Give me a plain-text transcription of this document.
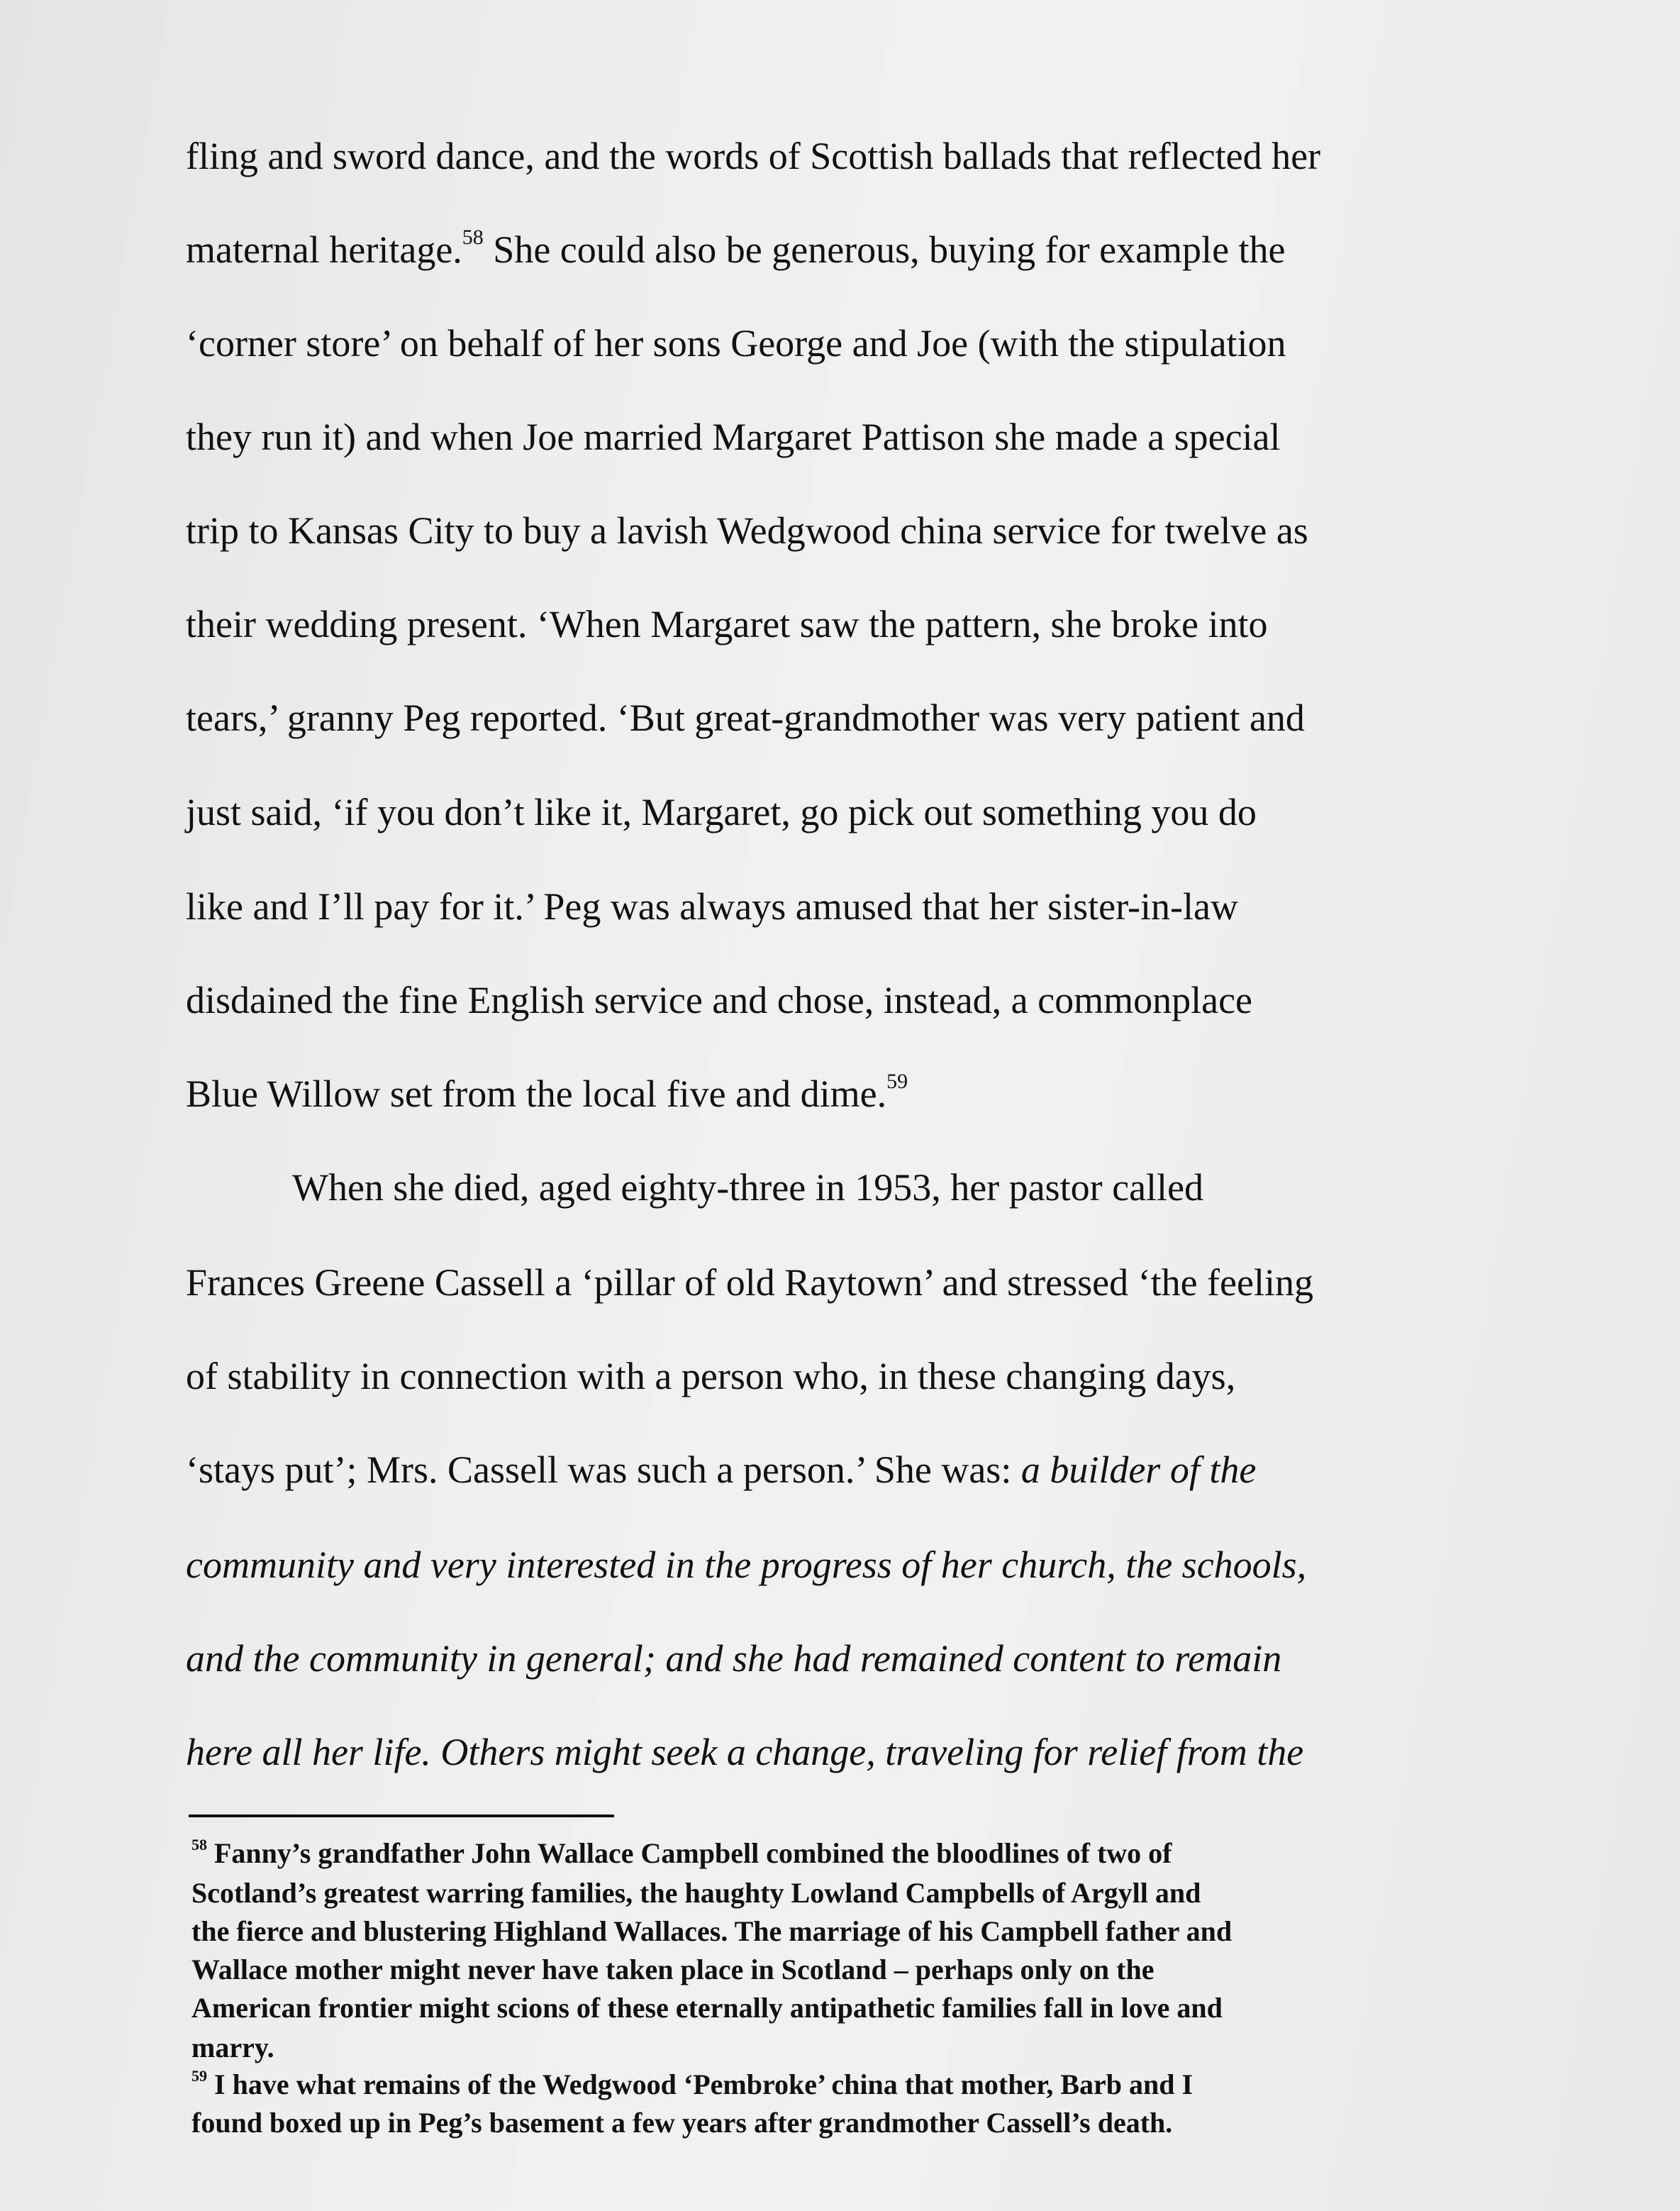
fling and sword dance, and the words of Scottish ballads that reflected her
maternal heritage.$^{58}$ She could also be generous, buying for example the
‘corner store’ on behalf of her sons George and Joe (with the stipulation
they run it) and when Joe married Margaret Pattison she made a special
trip to Kansas City to buy a lavish Wedgwood china service for twelve as
their wedding present. ‘When Margaret saw the pattern, she broke into
tears,’ granny Peg reported. ‘But great-grandmother was very patient and
just said, ‘if you don’t like it, Margaret, go pick out something you do
like and I’ll pay for it.’ Peg was always amused that her sister-in-law
disdained the fine English service and chose, instead, a commonplace
Blue Willow set from the local five and dime.$^{59}$
When she died, aged eighty-three in 1953, her pastor called
Frances Greene Cassell a ‘pillar of old Raytown’ and stressed ‘the feeling
of stability in connection with a person who, in these changing days,
‘stays put’; Mrs. Cassell was such a person.’ She was: a builder of the
community and very interested in the progress of her church, the schools,
and the community in general; and she had remained content to remain
here all her life. Others might seek a change, traveling for relief from the
$^{58}$ Fanny’s grandfather John Wallace Campbell combined the bloodlines of two of
Scotland’s greatest warring families, the haughty Lowland Campbells of Argyll and
the fierce and blustering Highland Wallaces. The marriage of his Campbell father and
Wallace mother might never have taken place in Scotland – perhaps only on the
American frontier might scions of these eternally antipathetic families fall in love and
marry.
$^{59}$ I have what remains of the Wedgwood ‘Pembroke’ china that mother, Barb and I
found boxed up in Peg’s basement a few years after grandmother Cassell’s death.
